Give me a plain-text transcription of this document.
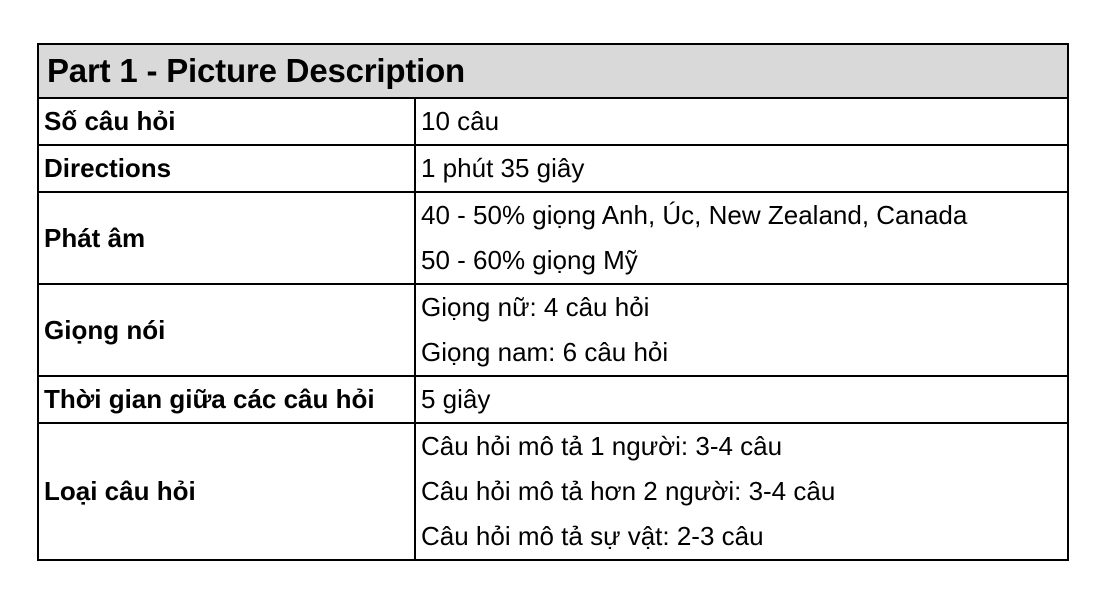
Part 1 - Picture Description
Số câu hỏi	10 câu

Directions	1 phút 35 giây

Phát âm	40 - 50% giọng Anh, Úc, New Zealand, Canada
50 - 60% giọng Mỹ

Giọng nói	Giọng nữ: 4 câu hỏi
Giọng nam: 6 câu hỏi

Thời gian giữa các câu hỏi	5 giây

Loại câu hỏi	Câu hỏi mô tả 1 người: 3-4 câu
Câu hỏi mô tả hơn 2 người: 3-4 câu
Câu hỏi mô tả sự vật: 2-3 câu
